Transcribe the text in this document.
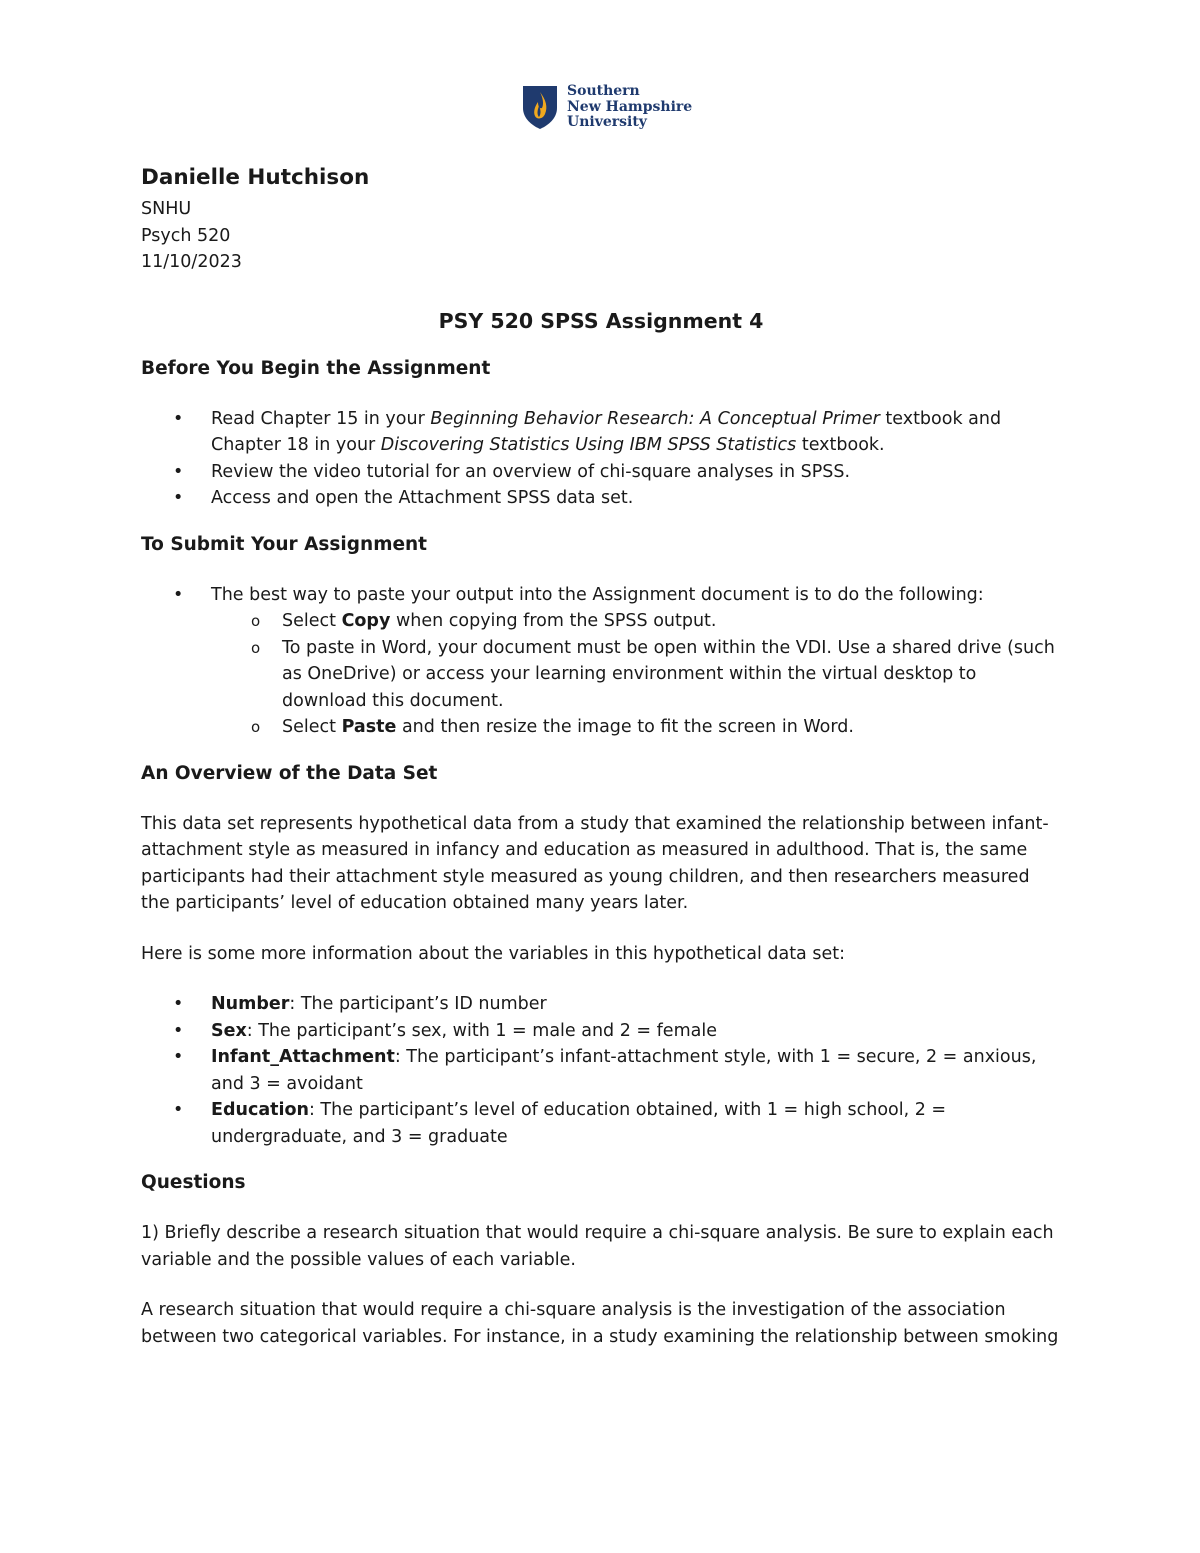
Southern
New Hampshire
University
Danielle Hutchison
SNHU
Psych 520
11/10/2023
PSY 520 SPSS Assignment 4
Before You Begin the Assignment
• Read Chapter 15 in your Beginning Behavior Research: A Conceptual Primer textbook and Chapter 18 in your Discovering Statistics Using IBM SPSS Statistics textbook.
• Review the video tutorial for an overview of chi-square analyses in SPSS.
• Access and open the Attachment SPSS data set.
To Submit Your Assignment
• The best way to paste your output into the Assignment document is to do the following:
o Select Copy when copying from the SPSS output.
o To paste in Word, your document must be open within the VDI. Use a shared drive (such as OneDrive) or access your learning environment within the virtual desktop to download this document.
o Select Paste and then resize the image to fit the screen in Word.
An Overview of the Data Set

This data set represents hypothetical data from a study that examined the relationship between infant-attachment style as measured in infancy and education as measured in adulthood. That is, the same participants had their attachment style measured as young children, and then researchers measured the participants’ level of education obtained many years later.

Here is some more information about the variables in this hypothetical data set:

• Number: The participant’s ID number
• Sex: The participant’s sex, with 1 = male and 2 = female
• Infant_Attachment: The participant’s infant-attachment style, with 1 = secure, 2 = anxious, and 3 = avoidant
• Education: The participant’s level of education obtained, with 1 = high school, 2 = undergraduate, and 3 = graduate
Questions

1) Briefly describe a research situation that would require a chi-square analysis. Be sure to explain each variable and the possible values of each variable.

A research situation that would require a chi-square analysis is the investigation of the association between two categorical variables. For instance, in a study examining the relationship between smoking
